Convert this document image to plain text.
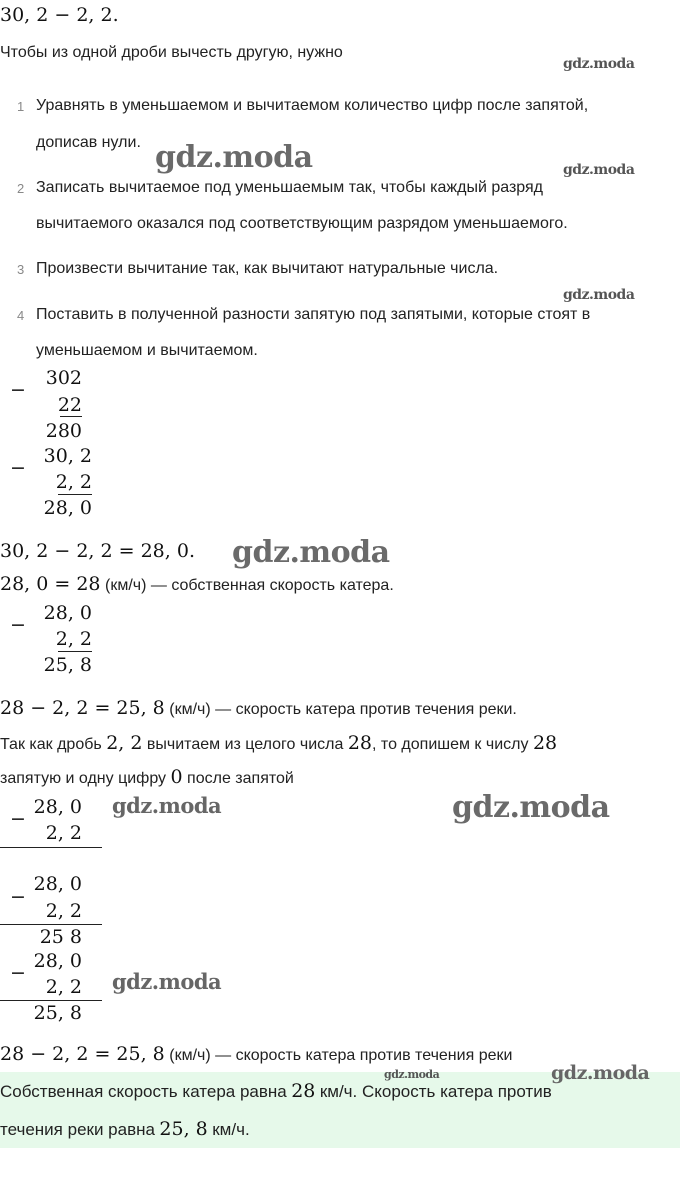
30, 2 − 2, 2.
Чтобы из одной дроби вычесть другую, нужно
1 Уравнять в уменьшаемом и вычитаемом количество цифр после запятой,
дописав нули.
2 Записать вычитаемое под уменьшаемым так, чтобы каждый разряд
вычитаемого оказался под соответствующим разрядом уменьшаемого.
3 Произвести вычитание так, как вычитают натуральные числа.
4 Поставить в полученной разности запятую под запятыми, которые стоят в
уменьшаемом и вычитаемом.
−
302
22
280
−
30, 2
2, 2
28, 0
30, 2 − 2, 2 = 28, 0.
28, 0 = 28 (км/ч) — собственная скорость катера.
−
28, 0
2, 2
25, 8
28 − 2, 2 = 25, 8 (км/ч) — скорость катера против течения реки.
Так как дробь 2, 2 вычитаем из целого числа 28, то допишем к числу 28
запятую и одну цифру 0 после запятой
−
28, 0
2, 2
−
28, 0
2, 2
25 8
−
28, 0
2, 2
25, 8
28 − 2, 2 = 25, 8 (км/ч) — скорость катера против течения реки
Собственная скорость катера равна 28 км/ч. Скорость катера против
течения реки равна 25, 8 км/ч.
gdz.moda
gdz.moda	gdz.moda
gdz.moda
gdz.moda
gdz.moda	gdz.moda
gdz.moda
gdz.moda	gdz.moda
